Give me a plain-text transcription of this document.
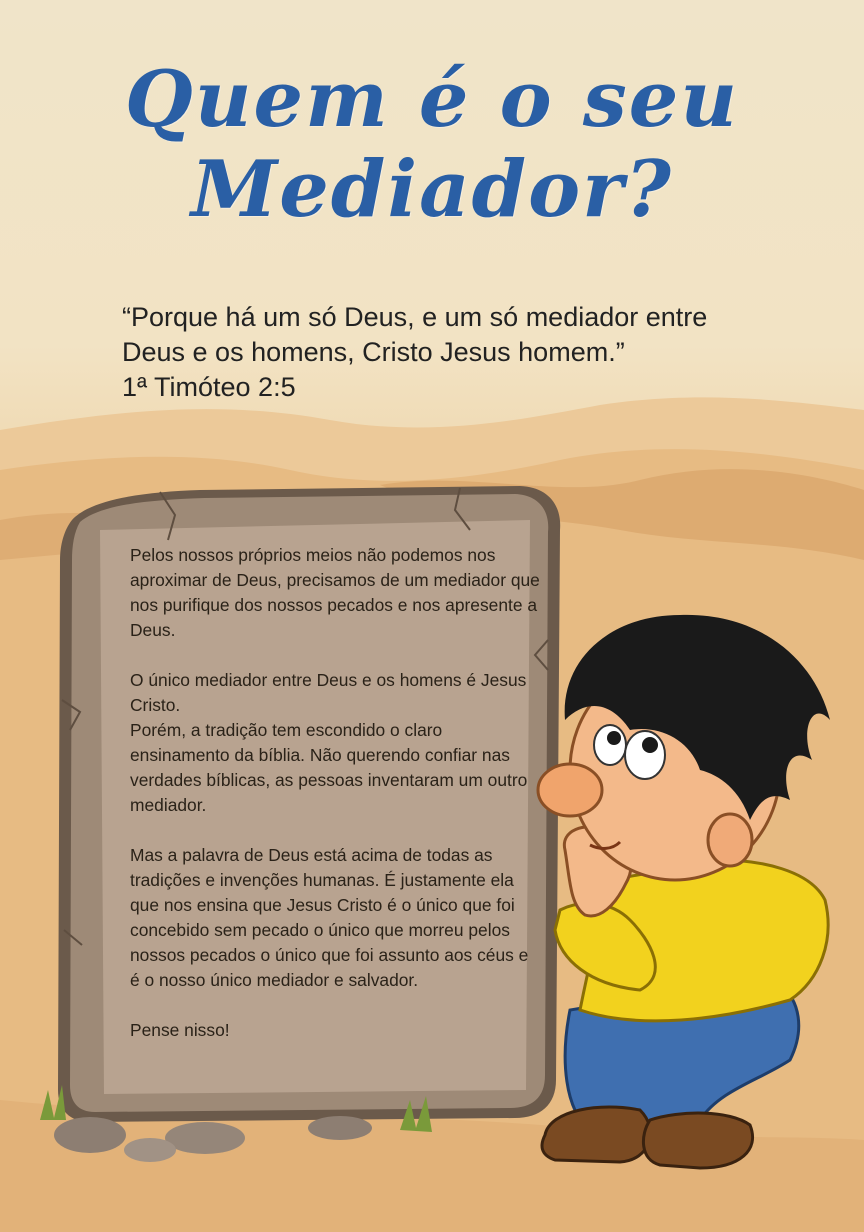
Quem é o seu
Mediador?
“Porque há um só Deus, e um só mediador entre
Deus e os homens, Cristo Jesus homem.”
1ª Timóteo 2:5

Pelos nossos próprios meios não podemos nos aproximar de Deus, precisamos de um mediador que nos purifique dos nossos pecados e nos apresente a Deus.

O único mediador entre Deus e os homens é Jesus Cristo.
Porém, a tradição tem escondido o claro ensinamento da bíblia. Não querendo confiar nas verdades bíblicas, as pessoas inventaram um outro mediador.

Mas a palavra de Deus está acima de todas as tradições e invenções humanas. É justamente ela que nos ensina que Jesus Cristo é o único que foi concebido sem pecado o único que morreu pelos nossos pecados o único que foi assunto aos céus e é o nosso único mediador e salvador.

Pense nisso!
